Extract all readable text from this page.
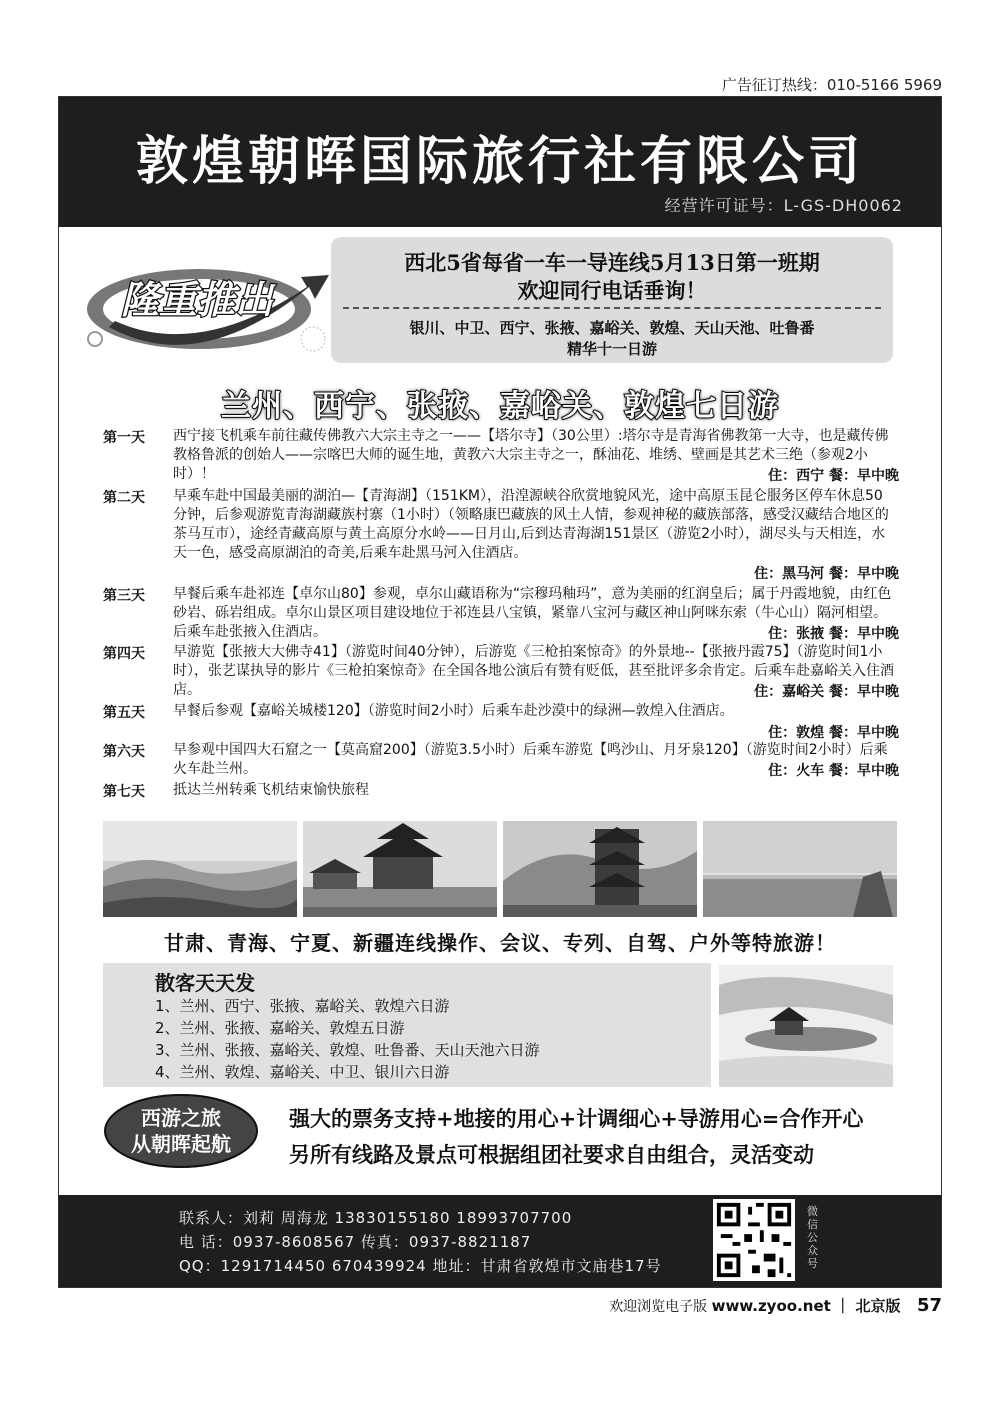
广告征订热线：010-5166 5969
敦煌朝晖国际旅行社有限公司
经营许可证号：L-GS-DH0062
隆重推出
西北5省每省一车一导连线5月13日第一班期
欢迎同行电话垂询！
银川、中卫、西宁、张掖、嘉峪关、敦煌、天山天池、吐鲁番
精华十一日游
兰州、西宁、张掖、嘉峪关、敦煌七日游
第一天 西宁接飞机乘车前往藏传佛教六大宗主寺之一——【塔尔寺】（30公里）:塔尔寺是青海省佛教第一大寺，也是藏传佛教格鲁派的创始人——宗喀巴大师的诞生地，黄教六大宗主寺之一，酥油花、堆绣、壁画是其艺术三绝（参观2小时）！	住：西宁 餐：早中晚
第二天 早乘车赴中国最美丽的湖泊—【青海湖】（151KM），沿湟源峡谷欣赏地貌风光，途中高原玉昆仑服务区停车休息50分钟，后参观游览青海湖藏族村寨（1小时）（领略康巴藏族的风土人情，参观神秘的藏族部落，感受汉藏结合地区的茶马互市），途经青藏高原与黄土高原分水岭——日月山,后到达青海湖151景区（游览2小时），湖尽头与天相连，水天一色，感受高原湖泊的奇美,后乘车赴黑马河入住酒店。
住：黑马河 餐：早中晚
第三天 早餐后乘车赴祁连【卓尔山80】参观，卓尔山藏语称为“宗穆玛釉玛”，意为美丽的红润皇后；属于丹霞地貌，由红色砂岩、砾岩组成。卓尔山景区项目建设地位于祁连县八宝镇，紧靠八宝河与藏区神山阿咪东索（牛心山）隔河相望。后乘车赴张掖入住酒店。	住：张掖 餐：早中晚
第四天 早游览【张掖大大佛寺41】（游览时间40分钟），后游览《三枪拍案惊奇》的外景地--【张掖丹霞75】（游览时间1小时），张艺谋执导的影片《三枪拍案惊奇》在全国各地公演后有赞有贬低，甚至批评多余肯定。后乘车赴嘉峪关入住酒店。	住：嘉峪关 餐：早中晚
第五天 早餐后参观【嘉峪关城楼120】（游览时间2小时）后乘车赴沙漠中的绿洲—敦煌入住酒店。
住：敦煌 餐：早中晚
第六天 早参观中国四大石窟之一【莫高窟200】（游览3.5小时）后乘车游览【鸣沙山、月牙泉120】（游览时间2小时）后乘火车赴兰州。	住：火车 餐：早中晚
第七天 抵达兰州转乘飞机结束愉快旅程
甘肃、青海、宁夏、新疆连线操作、会议、专列、自驾、户外等特旅游！
散客天天发
1、兰州、西宁、张掖、嘉峪关、敦煌六日游
2、兰州、张掖、嘉峪关、敦煌五日游
3、兰州、张掖、嘉峪关、敦煌、吐鲁番、天山天池六日游
4、兰州、敦煌、嘉峪关、中卫、银川六日游
西游之旅
从朝晖起航
强大的票务支持+地接的用心+计调细心+导游用心=合作开心
另所有线路及景点可根据组团社要求自由组合，灵活变动
联系人：刘莉 周海龙 13830155180 18993707700
电 话：0937-8608567 传真：0937-8821187
QQ：1291714450 670439924 地址：甘肃省敦煌市文庙巷17号
微信公众号
欢迎浏览电子版 www.zyoo.net ｜ 北京版 57
